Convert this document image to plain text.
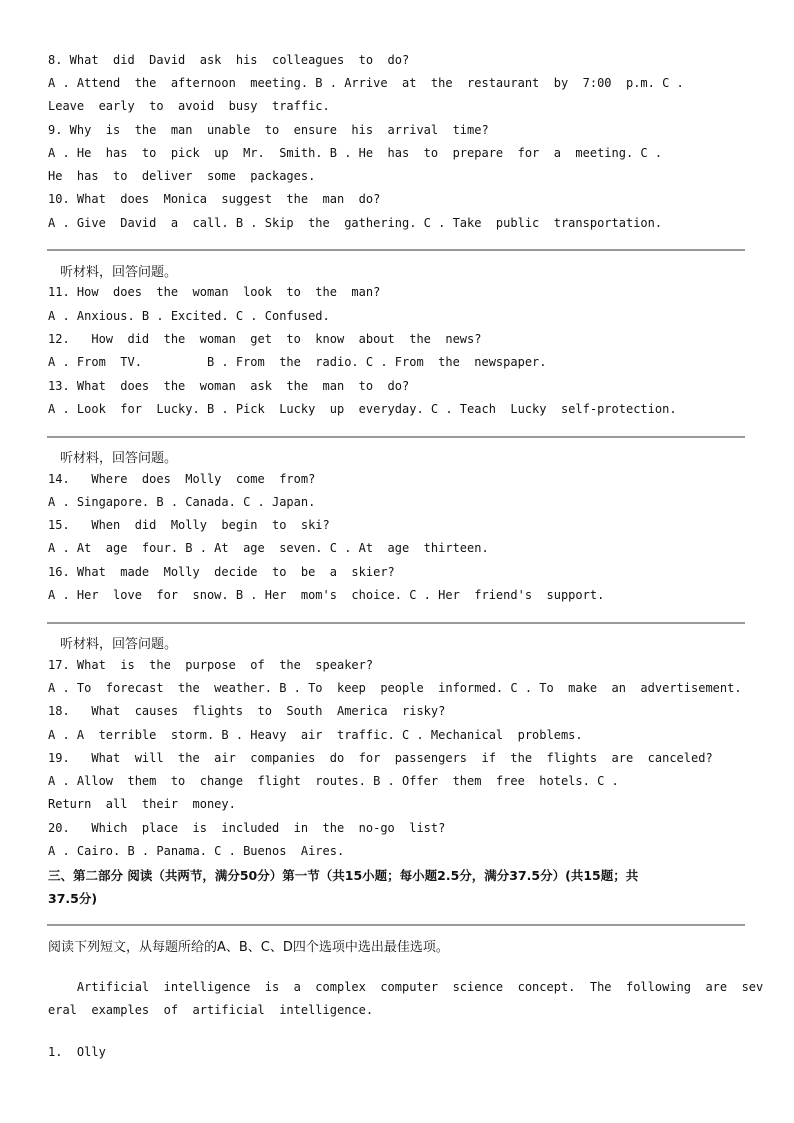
8. What  did  David  ask  his  colleagues  to  do?
A . Attend  the  afternoon  meeting. B . Arrive  at  the  restaurant  by  7:00  p.m. C .
Leave  early  to  avoid  busy  traffic.
9. Why  is  the  man  unable  to  ensure  his  arrival  time?
A . He  has  to  pick  up  Mr.  Smith. B . He  has  to  prepare  for  a  meeting. C .
He  has  to  deliver  some  packages.
10. What  does  Monica  suggest  the  man  do?
A . Give  David  a  call. B . Skip  the  gathering. C . Take  public  transportation.
听材料，回答问题。
11. How  does  the  woman  look  to  the  man?
A . Anxious. B . Excited. C . Confused.
12.   How  did  the  woman  get  to  know  about  the  news?
A . From  TV.         B . From  the  radio. C . From  the  newspaper.
13. What  does  the  woman  ask  the  man  to  do?
A . Look  for  Lucky. B . Pick  Lucky  up  everyday. C . Teach  Lucky  self-protection.
听材料，回答问题。
14.   Where  does  Molly  come  from?
A . Singapore. B . Canada. C . Japan.
15.   When  did  Molly  begin  to  ski?
A . At  age  four. B . At  age  seven. C . At  age  thirteen.
16. What  made  Molly  decide  to  be  a  skier?
A . Her  love  for  snow. B . Her  mom's  choice. C . Her  friend's  support.
听材料，回答问题。
17. What  is  the  purpose  of  the  speaker?
A . To  forecast  the  weather. B . To  keep  people  informed. C . To  make  an  advertisement.
18.   What  causes  flights  to  South  America  risky?
A . A  terrible  storm. B . Heavy  air  traffic. C . Mechanical  problems.
19.   What  will  the  air  companies  do  for  passengers  if  the  flights  are  canceled?
A . Allow  them  to  change  flight  routes. B . Offer  them  free  hotels. C .
Return  all  their  money.
20.   Which  place  is  included  in  the  no-go  list?
A . Cairo. B . Panama. C . Buenos  Aires.
三、第二部分 阅读（共两节，满分50分）第一节（共15小题；每小题2.5分，满分37.5分）(共15题；共
37.5分)
阅读下列短文，从每题所给的A、B、C、D四个选项中选出最佳选项。
Artificial  intelligence  is  a  complex  computer  science  concept.  The  following  are  sev
eral  examples  of  artificial  intelligence.
1.  Olly
